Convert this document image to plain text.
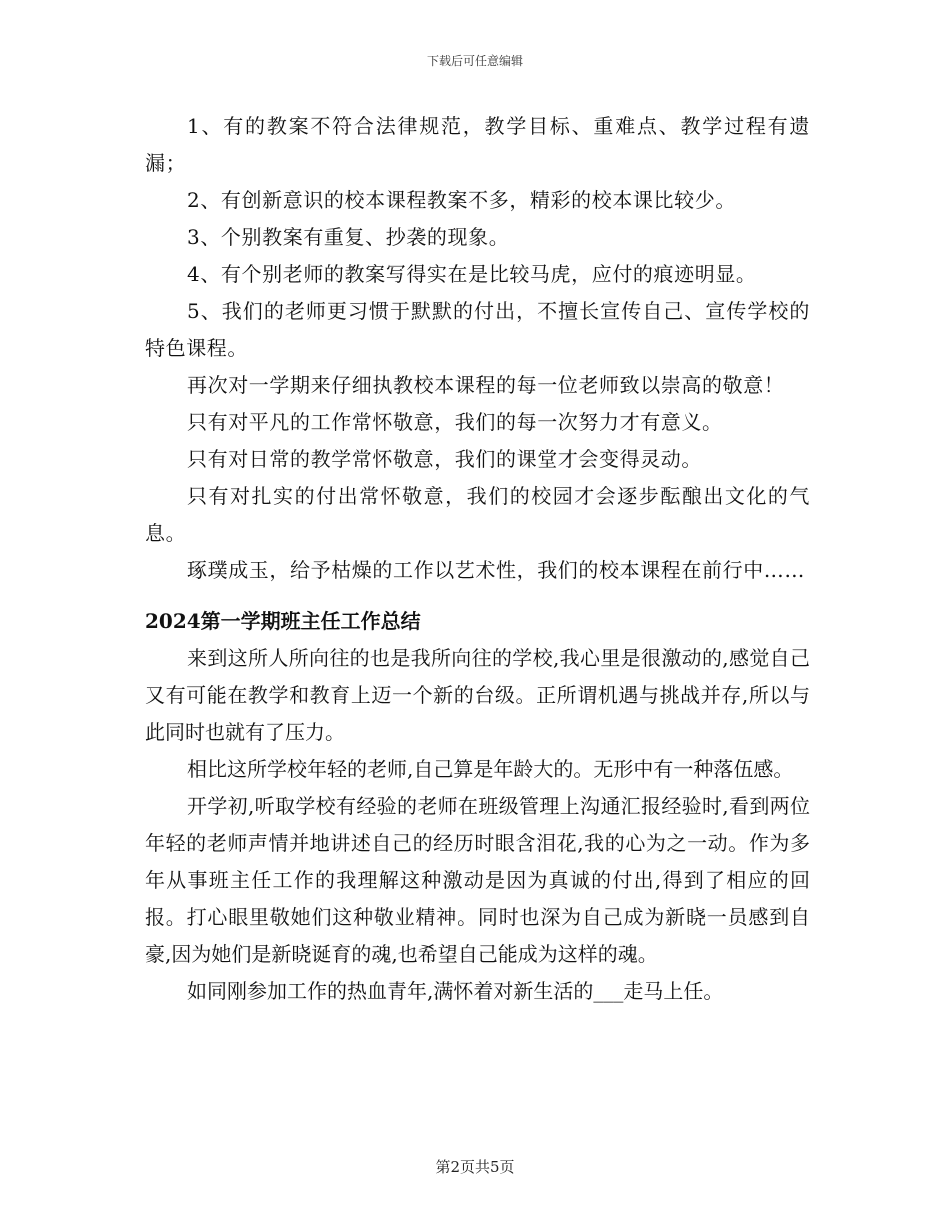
下载后可任意编辑

1、有的教案不符合法律规范，教学目标、重难点、教学过程有遗漏；

2、有创新意识的校本课程教案不多，精彩的校本课比较少。

3、个别教案有重复、抄袭的现象。

4、有个别老师的教案写得实在是比较马虎，应付的痕迹明显。

5、我们的老师更习惯于默默的付出，不擅长宣传自己、宣传学校的特色课程。

再次对一学期来仔细执教校本课程的每一位老师致以崇高的敬意！

只有对平凡的工作常怀敬意，我们的每一次努力才有意义。

只有对日常的教学常怀敬意，我们的课堂才会变得灵动。

只有对扎实的付出常怀敬意，我们的校园才会逐步酝酿出文化的气息。

琢璞成玉，给予枯燥的工作以艺术性，我们的校本课程在前行中……

2024第一学期班主任工作总结

来到这所人所向往的也是我所向往的学校,我心里是很激动的,感觉自己又有可能在教学和教育上迈一个新的台级。正所谓机遇与挑战并存,所以与此同时也就有了压力。

相比这所学校年轻的老师,自己算是年龄大的。无形中有一种落伍感。

开学初,听取学校有经验的老师在班级管理上沟通汇报经验时,看到两位年轻的老师声情并地讲述自己的经历时眼含泪花,我的心为之一动。作为多年从事班主任工作的我理解这种激动是因为真诚的付出,得到了相应的回报。打心眼里敬她们这种敬业精神。同时也深为自己成为新晓一员感到自豪,因为她们是新晓诞育的魂,也希望自己能成为这样的魂。

如同刚参加工作的热血青年,满怀着对新生活的___走马上任。

第2页共5页
